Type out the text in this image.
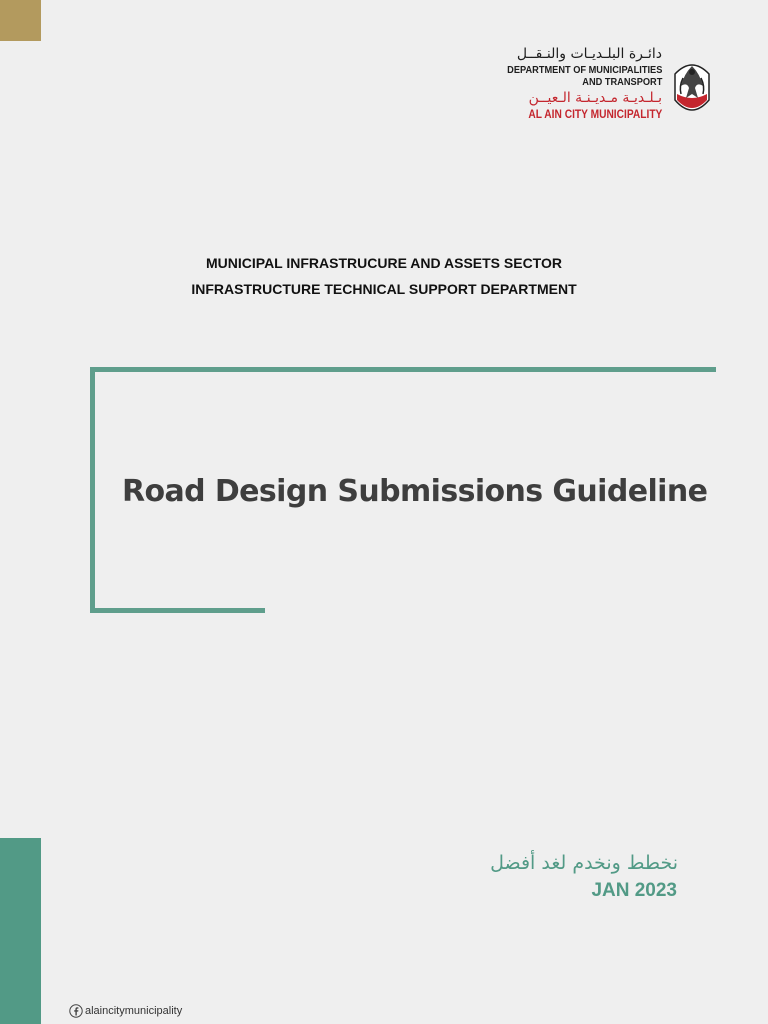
دائـرة البلـديـات والنـقــل
DEPARTMENT OF MUNICIPALITIES
AND TRANSPORT
بـلـديـة مـديـنـة الـعيــن
AL AIN CITY MUNICIPALITY
MUNICIPAL INFRASTRUCURE AND ASSETS SECTOR
INFRASTRUCTURE TECHNICAL SUPPORT DEPARTMENT
Road Design Submissions Guideline
نخطط ونخدم لغد أفضل
JAN 2023
alaincitymunicipality
